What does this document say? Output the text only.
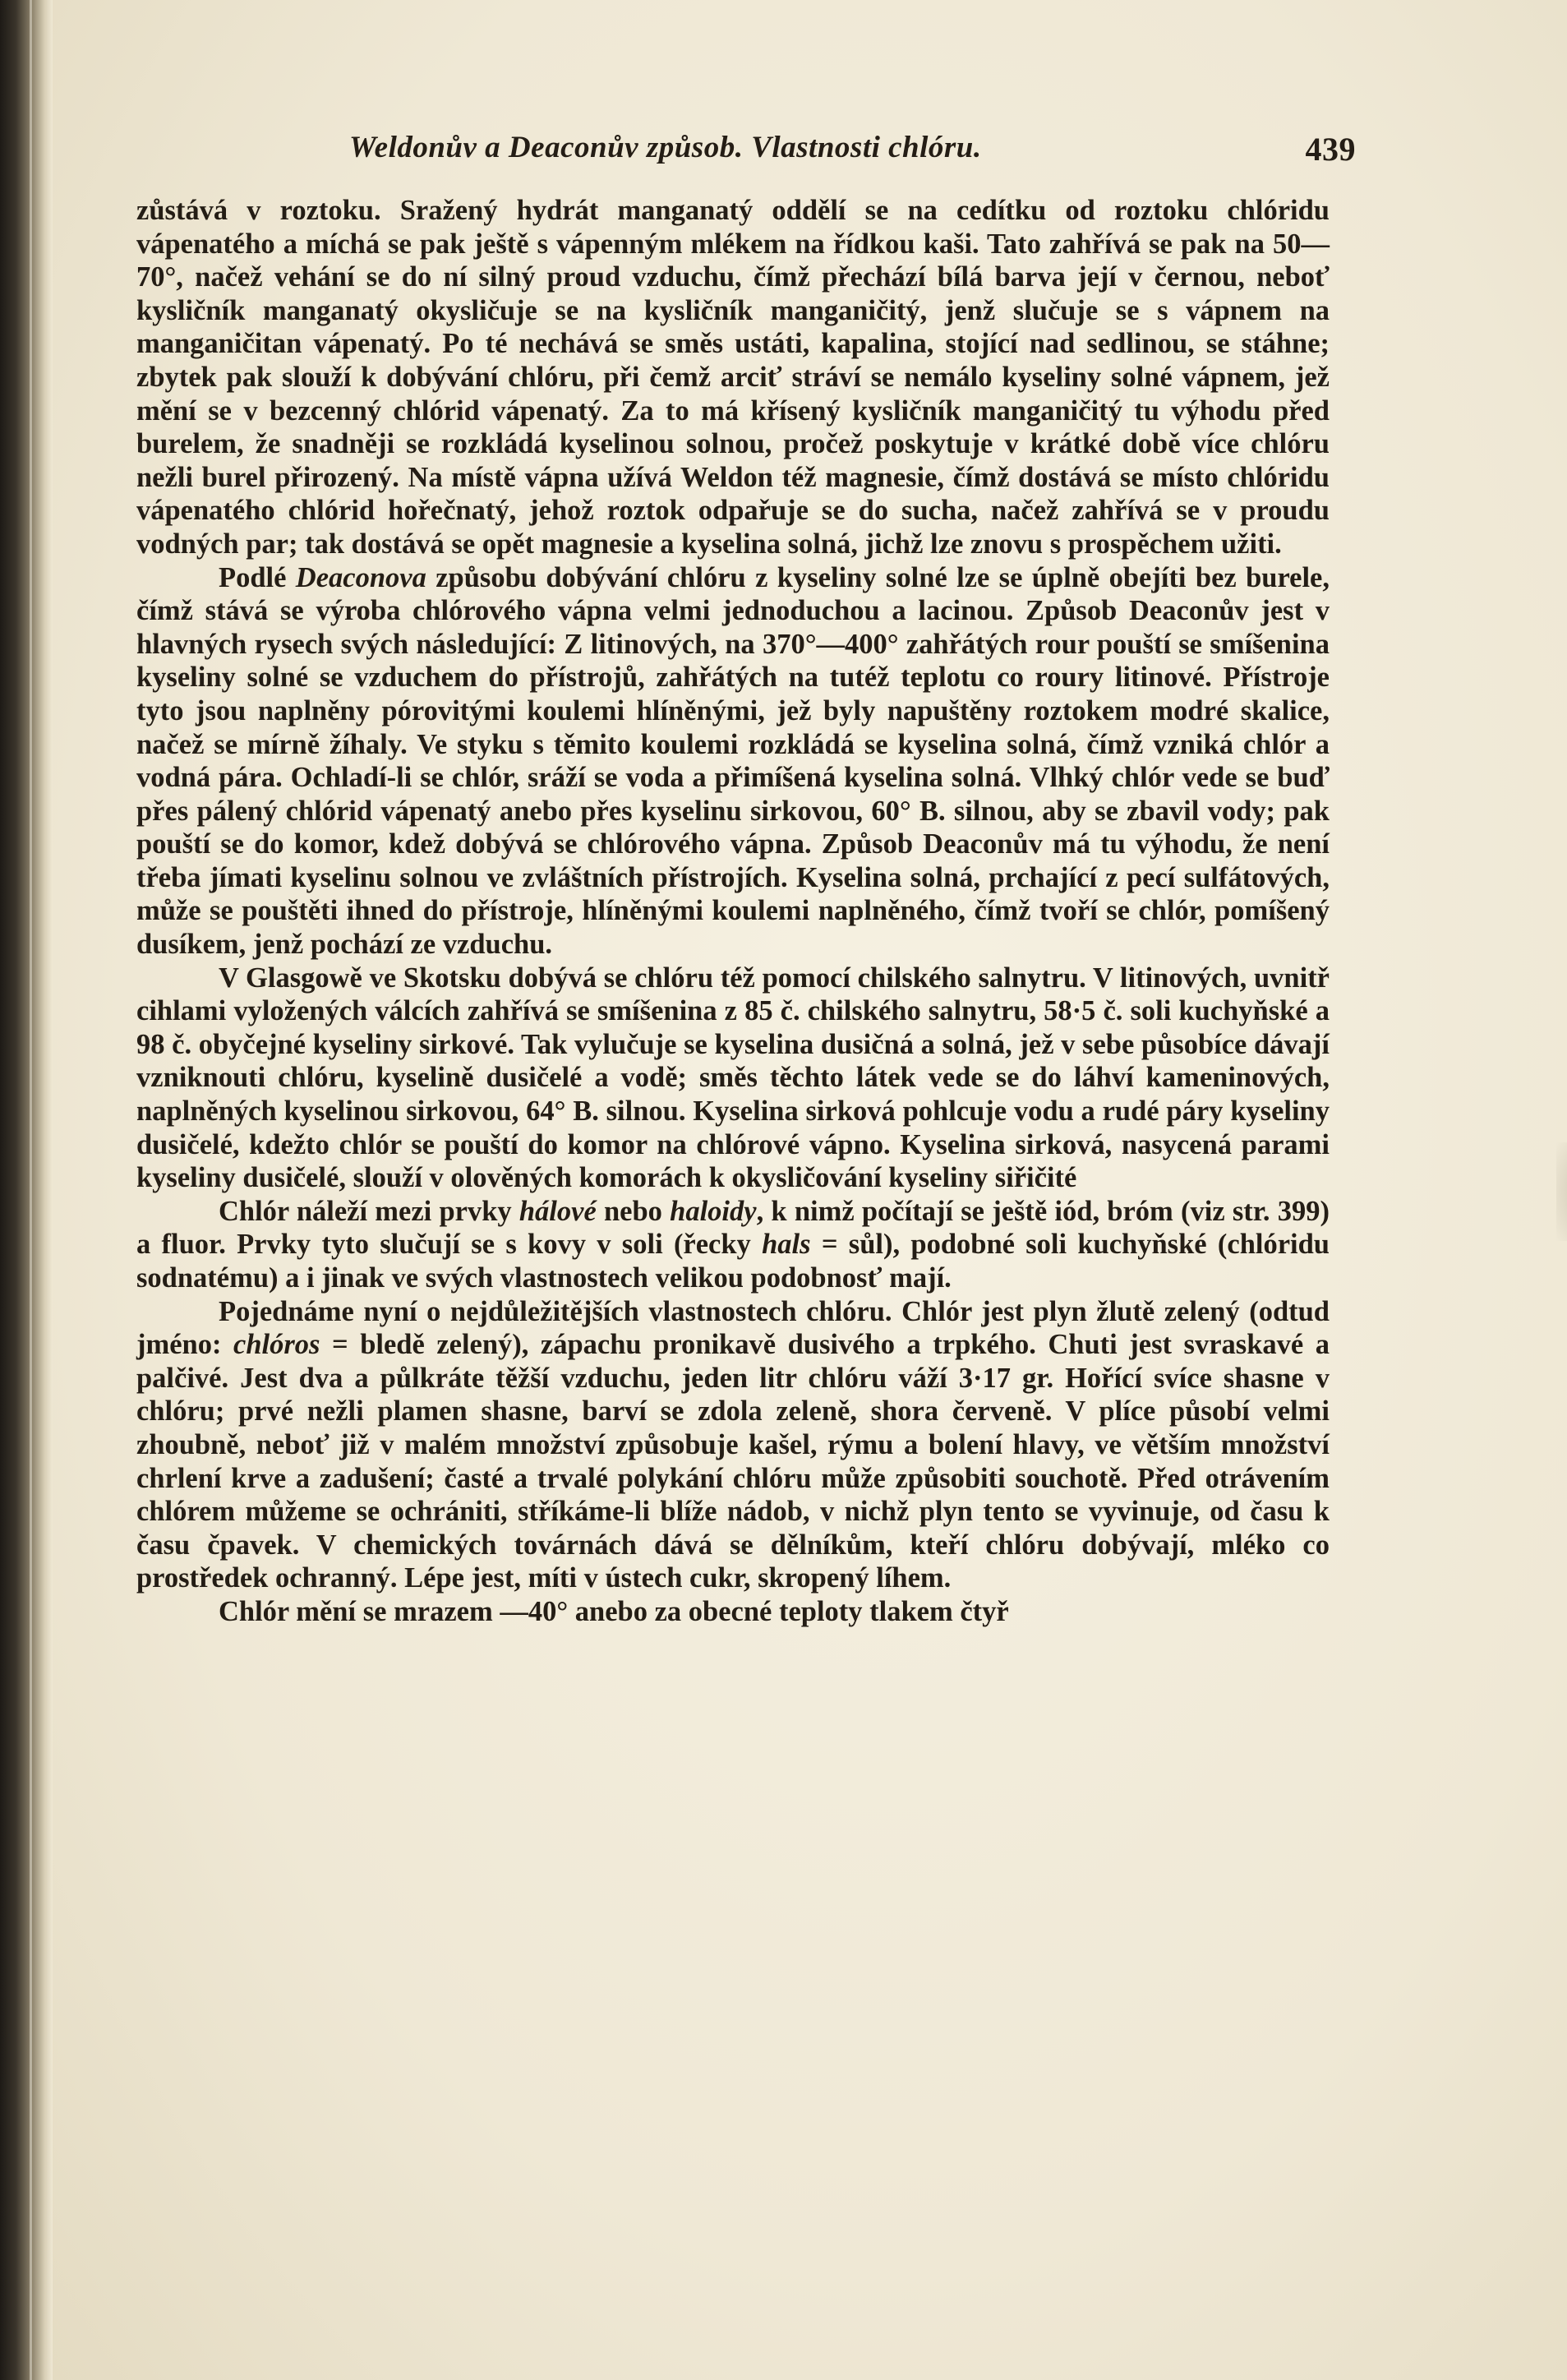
Weldonův a Deaconův způsob. Vlastnosti chlóru.	439

zůstává v roztoku. Sražený hydrát manganatý oddělí se na cedítku od roztoku chlóridu vápenatého a míchá se pak ještě s vápenným mlékem na řídkou kaši. Tato zahřívá se pak na 50—70°, načež vehání se do ní silný proud vzduchu, čímž přechází bílá barva její v černou, neboť kysličník manganatý okysličuje se na kysličník manganičitý, jenž slučuje se s vápnem na manganičitan vápenatý. Po té nechává se směs ustáti, kapalina, stojící nad sedlinou, se stáhne; zbytek pak slouží k dobývání chlóru, při čemž arciť stráví se nemálo kyseliny solné vápnem, jež mění se v bezcenný chlórid vápenatý. Za to má křísený kysličník manganičitý tu výhodu před burelem, že snadněji se rozkládá kyselinou solnou, pročež poskytuje v krátké době více chlóru nežli burel přirozený. Na místě vápna užívá Weldon též magnesie, čímž dostává se místo chlóridu vápenatého chlórid hořečnatý, jehož roztok odpařuje se do sucha, načež zahřívá se v proudu vodných par; tak dostává se opět magnesie a kyselina solná, jichž lze znovu s prospěchem užiti.

Podlé Deaconova způsobu dobývání chlóru z kyseliny solné lze se úplně obejíti bez burele, čímž stává se výroba chlórového vápna velmi jednoduchou a lacinou. Způsob Deaconův jest v hlavných rysech svých následující: Z litinových, na 370°—400° zahřátých rour pouští se smíšenina kyseliny solné se vzduchem do přístrojů, zahřátých na tutéž teplotu co roury litinové. Přístroje tyto jsou naplněny pórovitými koulemi hlíněnými, jež byly napuštěny roztokem modré skalice, načež se mírně žíhaly. Ve styku s těmito koulemi rozkládá se kyselina solná, čímž vzniká chlór a vodná pára. Ochladí-li se chlór, sráží se voda a přimíšená kyselina solná. Vlhký chlór vede se buď přes pálený chlórid vápenatý anebo přes kyselinu sirkovou, 60° B. silnou, aby se zbavil vody; pak pouští se do komor, kdež dobývá se chlórového vápna. Způsob Deaconův má tu výhodu, že není třeba jímati kyselinu solnou ve zvláštních přístrojích. Kyselina solná, prchající z pecí sulfátových, může se pouštěti ihned do přístroje, hlíněnými koulemi naplněného, čímž tvoří se chlór, pomíšený dusíkem, jenž pochází ze vzduchu.

V Glasgowě ve Skotsku dobývá se chlóru též pomocí chilského salnytru. V litinových, uvnitř cihlami vyložených válcích zahřívá se smíšenina z 85 č. chilského salnytru, 58·5 č. soli kuchyňské a 98 č. obyčejné kyseliny sirkové. Tak vylučuje se kyselina dusičná a solná, jež v sebe působíce dávají vzniknouti chlóru, kyselině dusičelé a vodě; směs těchto látek vede se do láhví kameninových, naplněných kyselinou sirkovou, 64° B. silnou. Kyselina sirková pohlcuje vodu a rudé páry kyseliny dusičelé, kdežto chlór se pouští do komor na chlórové vápno. Kyselina sirková, nasycená parami kyseliny dusičelé, slouží v olověných komorách k okysličování kyseliny siřičité

Chlór náleží mezi prvky hálové nebo haloidy, k nimž počítají se ještě iód, bróm (viz str. 399) a fluor. Prvky tyto slučují se s kovy v soli (řecky hals = sůl), podobné soli kuchyňské (chlóridu sodnatému) a i jinak ve svých vlastnostech velikou podobnosť mají.

Pojednáme nyní o nejdůležitějších vlastnostech chlóru. Chlór jest plyn žlutě zelený (odtud jméno: chlóros = bledě zelený), zápachu pronikavě dusivého a trpkého. Chuti jest svraskavé a palčivé. Jest dva a půlkráte těžší vzduchu, jeden litr chlóru váží 3·17 gr. Hořící svíce shasne v chlóru; prvé nežli plamen shasne, barví se zdola zeleně, shora červeně. V plíce působí velmi zhoubně, neboť již v malém množství způsobuje kašel, rýmu a bolení hlavy, ve větším množství chrlení krve a zadušení; časté a trvalé polykání chlóru může způsobiti souchotě. Před otrávením chlórem můžeme se ochrániti, stříkáme-li blíže nádob, v nichž plyn tento se vyvinuje, od času k času čpavek. V chemických továrnách dává se dělníkům, kteří chlóru dobývají, mléko co prostředek ochranný. Lépe jest, míti v ústech cukr, skropený líhem.

Chlór mění se mrazem —40° anebo za obecné teploty tlakem čtyř
